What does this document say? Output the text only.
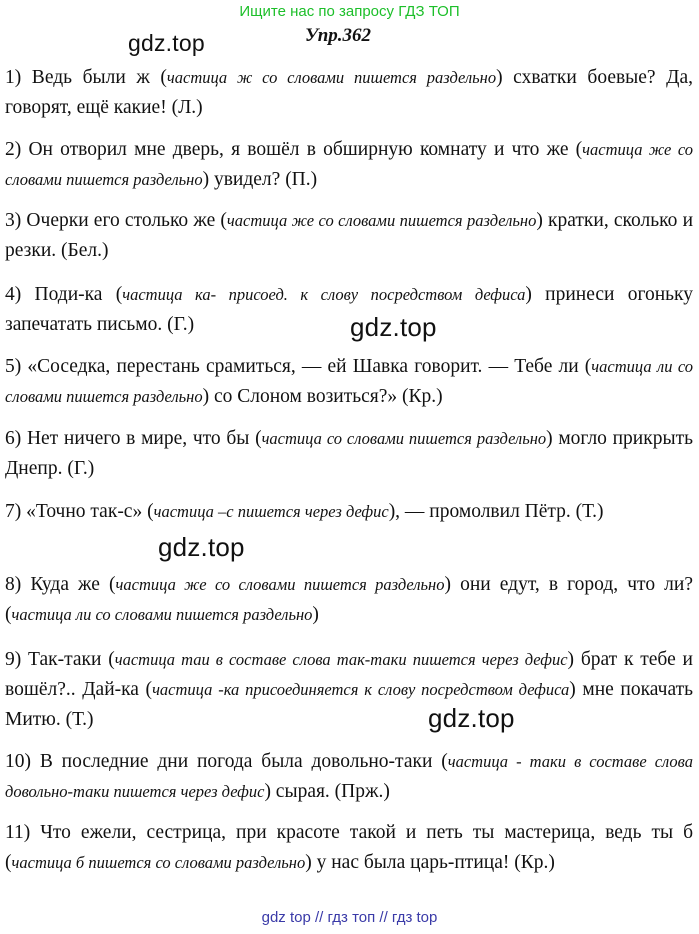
Ищите нас по запросу ГДЗ ТОП
Упр.362
gdz.top
gdz.top
gdz.top
gdz.top
1) Ведь были ж (частица ж со словами пишется раздельно) схватки боевые? Да, говорят, ещё какие! (Л.)
2) Он отворил мне дверь, я вошёл в обширную комнату и что же (частица же со словами пишется раздельно) увидел? (П.)
3) Очерки его столько же (частица же со словами пишется раздельно) кратки, сколько и резки. (Бел.)
4) Поди-ка (частица ка- присоед. к слову посредством дефиса) принеси огоньку запечатать письмо. (Г.)
5) «Соседка, перестань срамиться, — ей Шавка говорит. — Тебе ли (частица ли со словами пишется раздельно) со Слоном возиться?» (Кр.)
6) Нет ничего в мире, что бы (частица со словами пишется раздельно) могло прикрыть Днепр. (Г.)
7) «Точно так-с» (частица –с пишется через дефис), — промолвил Пётр. (Т.)
8) Куда же (частица же со словами пишется раздельно) они едут, в город, что ли? (частица ли со словами пишется раздельно)
9) Так-таки (частица таи в составе слова так-таки пишется через дефис) брат к тебе и вошёл?.. Дай-ка (частица -ка присоединяется к слову посредством дефиса) мне покачать Митю. (Т.)
10) В последние дни погода была довольно-таки (частица - таки в составе слова довольно-таки пишется через дефис) сырая. (Прж.)
11) Что ежели, сестрица, при красоте такой и петь ты мастерица, ведь ты б (частица б пишется со словами раздельно) у нас была царь-птица! (Кр.)
gdz top // гдз топ // гдз top
